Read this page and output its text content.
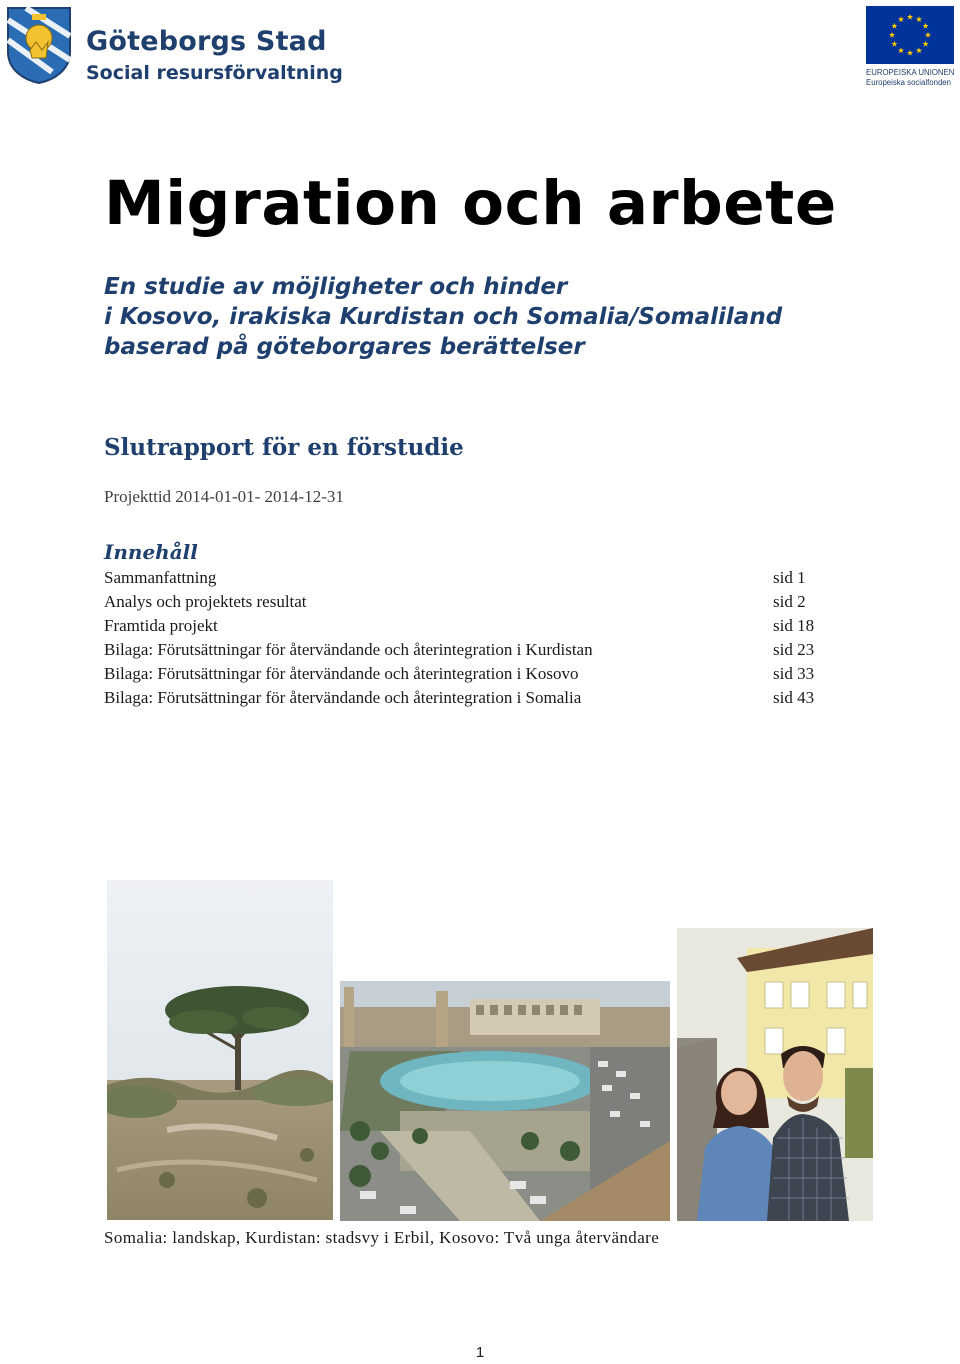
Göteborgs Stad
Social resursförvaltning	EUROPEISKA UNIONEN
Europeiska socialfonden
Migration och arbete
En studie av möjligheter och hinder
i Kosovo, irakiska Kurdistan och Somalia/Somaliland
baserad på göteborgares berättelser
Slutrapport för en förstudie
Projekttid 2014-01-01- 2014-12-31
Innehåll
Sammanfattning	sid 1
Analys och projektets resultat	sid 2
Framtida projekt	sid 18
Bilaga: Förutsättningar för återvändande och återintegration i Kurdistan	sid 23
Bilaga: Förutsättningar för återvändande och återintegration i Kosovo	sid 33
Bilaga: Förutsättningar för återvändande och återintegration i Somalia	sid 43
Somalia: landskap, Kurdistan: stadsvy i Erbil, Kosovo: Två unga återvändare
1
